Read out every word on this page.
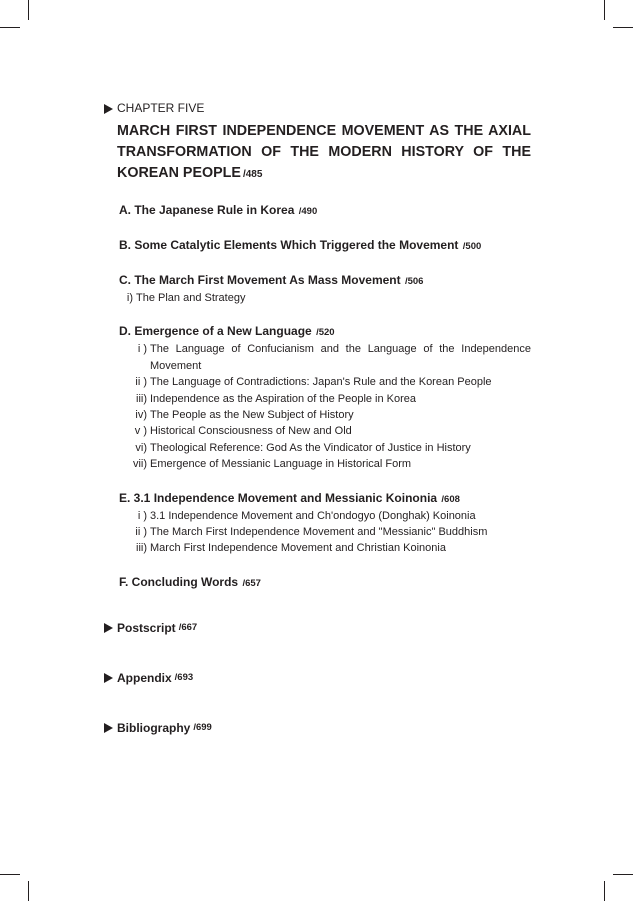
CHAPTER FIVE
MARCH FIRST INDEPENDENCE MOVEMENT AS THE AXIAL TRANSFORMATION OF THE MODERN HISTORY OF THE KOREAN PEOPLE /485
A. The Japanese Rule in Korea /490
B. Some Catalytic Elements Which Triggered the Movement /500
C. The March First Movement As Mass Movement /506
i) The Plan and Strategy
D. Emergence of a New Language /520
i ) The Language of Confucianism and the Language of the Independence Movement
ii ) The Language of Contradictions: Japan's Rule and the Korean People
iii) Independence as the Aspiration of the People in Korea
iv) The People as the New Subject of History
v ) Historical Consciousness of New and Old
vi) Theological Reference: God As the Vindicator of Justice in History
vii) Emergence of Messianic Language in Historical Form
E. 3.1 Independence Movement and Messianic Koinonia /608
i ) 3.1 Independence Movement and Ch'ondogyo (Donghak) Koinonia
ii ) The March First Independence Movement and "Messianic" Buddhism
iii) March First Independence Movement and Christian Koinonia
F. Concluding Words /657
Postscript /667
Appendix /693
Bibliography /699
